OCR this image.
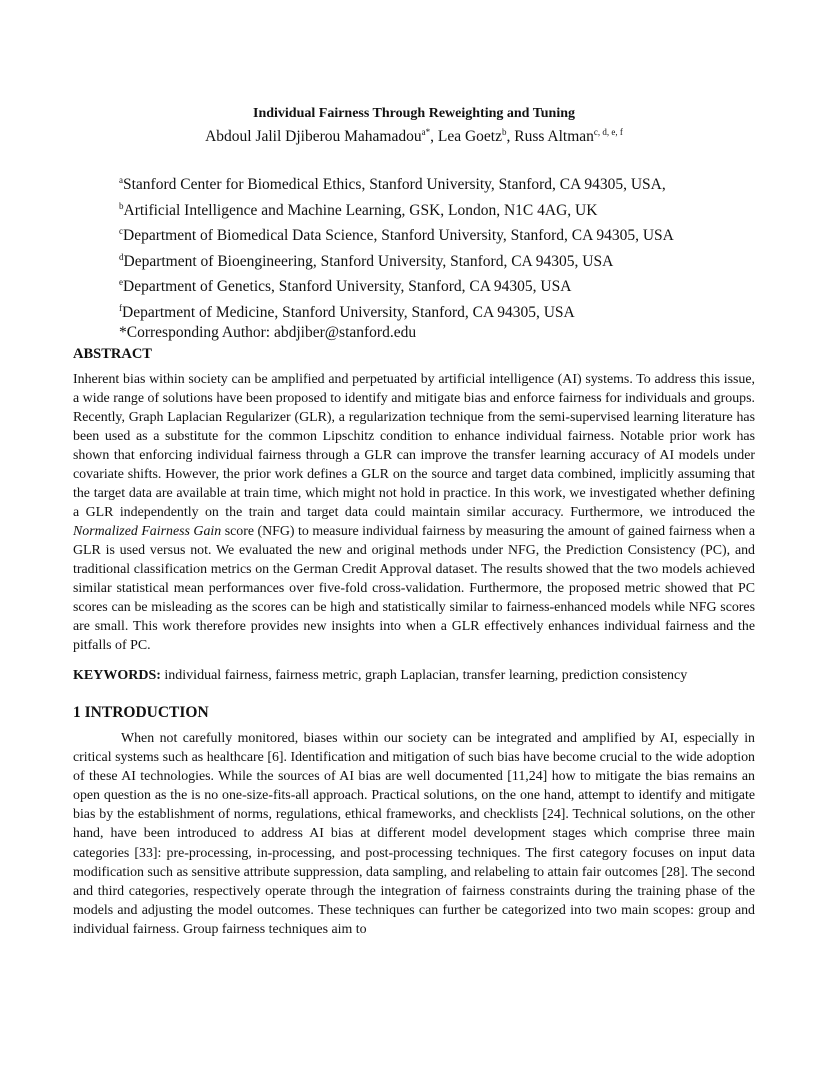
Individual Fairness Through Reweighting and Tuning
Abdoul Jalil Djiberou Mahamadou$^{a*}$, Lea Goetz$^b$, Russ Altman$^{c, d, e, f}$
$^a$Stanford Center for Biomedical Ethics, Stanford University, Stanford, CA 94305, USA,
$^b$Artificial Intelligence and Machine Learning, GSK, London, N1C 4AG, UK
$^c$Department of Biomedical Data Science, Stanford University, Stanford, CA 94305, USA
$^d$Department of Bioengineering, Stanford University, Stanford, CA 94305, USA
$^e$Department of Genetics, Stanford University, Stanford, CA 94305, USA
$^f$Department of Medicine, Stanford University, Stanford, CA 94305, USA
*Corresponding Author: abdjiber@stanford.edu
ABSTRACT

Inherent bias within society can be amplified and perpetuated by artificial intelligence (AI) systems. To address this issue, a wide range of solutions have been proposed to identify and mitigate bias and enforce fairness for individuals and groups. Recently, Graph Laplacian Regularizer (GLR), a regularization technique from the semi-supervised learning literature has been used as a substitute for the common Lipschitz condition to enhance individual fairness. Notable prior work has shown that enforcing individual fairness through a GLR can improve the transfer learning accuracy of AI models under covariate shifts. However, the prior work defines a GLR on the source and target data combined, implicitly assuming that the target data are available at train time, which might not hold in practice. In this work, we investigated whether defining a GLR independently on the train and target data could maintain similar accuracy. Furthermore, we introduced the Normalized Fairness Gain score (NFG) to measure individual fairness by measuring the amount of gained fairness when a GLR is used versus not. We evaluated the new and original methods under NFG, the Prediction Consistency (PC), and traditional classification metrics on the German Credit Approval dataset. The results showed that the two models achieved similar statistical mean performances over five-fold cross-validation. Furthermore, the proposed metric showed that PC scores can be misleading as the scores can be high and statistically similar to fairness-enhanced models while NFG scores are small. This work therefore provides new insights into when a GLR effectively enhances individual fairness and the pitfalls of PC.

KEYWORDS: individual fairness, fairness metric, graph Laplacian, transfer learning, prediction consistency

1 INTRODUCTION

When not carefully monitored, biases within our society can be integrated and amplified by AI, especially in critical systems such as healthcare [6]. Identification and mitigation of such bias have become crucial to the wide adoption of these AI technologies. While the sources of AI bias are well documented [11,24] how to mitigate the bias remains an open question as the is no one-size-fits-all approach. Practical solutions, on the one hand, attempt to identify and mitigate bias by the establishment of norms, regulations, ethical frameworks, and checklists [24]. Technical solutions, on the other hand, have been introduced to address AI bias at different model development stages which comprise three main categories [33]: pre-processing, in-processing, and post-processing techniques. The first category focuses on input data modification such as sensitive attribute suppression, data sampling, and relabeling to attain fair outcomes [28]. The second and third categories, respectively operate through the integration of fairness constraints during the training phase of the models and adjusting the model outcomes. These techniques can further be categorized into two main scopes: group and individual fairness. Group fairness techniques aim to
